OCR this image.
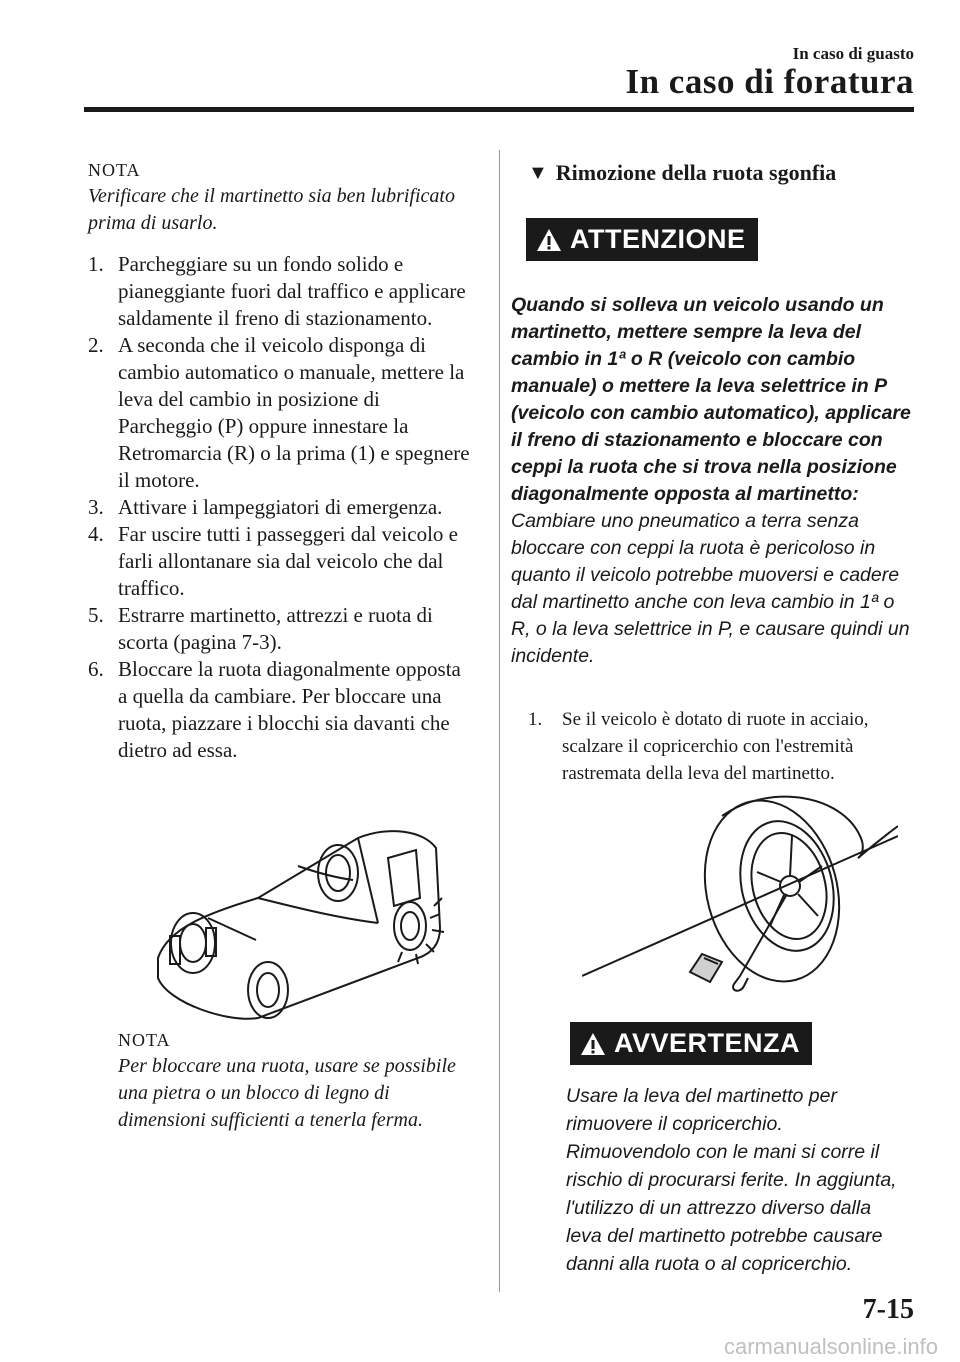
In caso di guasto
In caso di foratura

NOTA

Verificare che il martinetto sia ben lubrificato prima di usarlo.

1. Parcheggiare su un fondo solido e pianeggiante fuori dal traffico e applicare saldamente il freno di stazionamento.
2. A seconda che il veicolo disponga di cambio automatico o manuale, mettere la leva del cambio in posizione di Parcheggio (P) oppure innestare la Retromarcia (R) o la prima (1) e spegnere il motore.
3. Attivare i lampeggiatori di emergenza.
4. Far uscire tutti i passeggeri dal veicolo e farli allontanare sia dal veicolo che dal traffico.
5. Estrarre martinetto, attrezzi e ruota di scorta (pagina 7-3).
6. Bloccare la ruota diagonalmente opposta a quella da cambiare. Per bloccare una ruota, piazzare i blocchi sia davanti che dietro ad essa.

NOTA

Per bloccare una ruota, usare se possibile una pietra o un blocco di legno di dimensioni sufficienti a tenerla ferma.

▼ Rimozione della ruota sgonfia

ATTENZIONE
Quando si solleva un veicolo usando un martinetto, mettere sempre la leva del cambio in 1ª o R (veicolo con cambio manuale) o mettere la leva selettrice in P (veicolo con cambio automatico), applicare il freno di stazionamento e bloccare con ceppi la ruota che si trova nella posizione diagonalmente opposta al martinetto:
Cambiare uno pneumatico a terra senza bloccare con ceppi la ruota è pericoloso in quanto il veicolo potrebbe muoversi e cadere dal martinetto anche con leva cambio in 1ª o R, o la leva selettrice in P, e causare quindi un incidente.
1.	Se il veicolo è dotato di ruote in acciaio, scalzare il copricerchio con l'estremità rastremata della leva del martinetto.
AVVERTENZA
Usare la leva del martinetto per rimuovere il copricerchio. Rimuovendolo con le mani si corre il rischio di procurarsi ferite. In aggiunta, l'utilizzo di un attrezzo diverso dalla leva del martinetto potrebbe causare danni alla ruota o al copricerchio.
7-15
carmanualsonline.info
